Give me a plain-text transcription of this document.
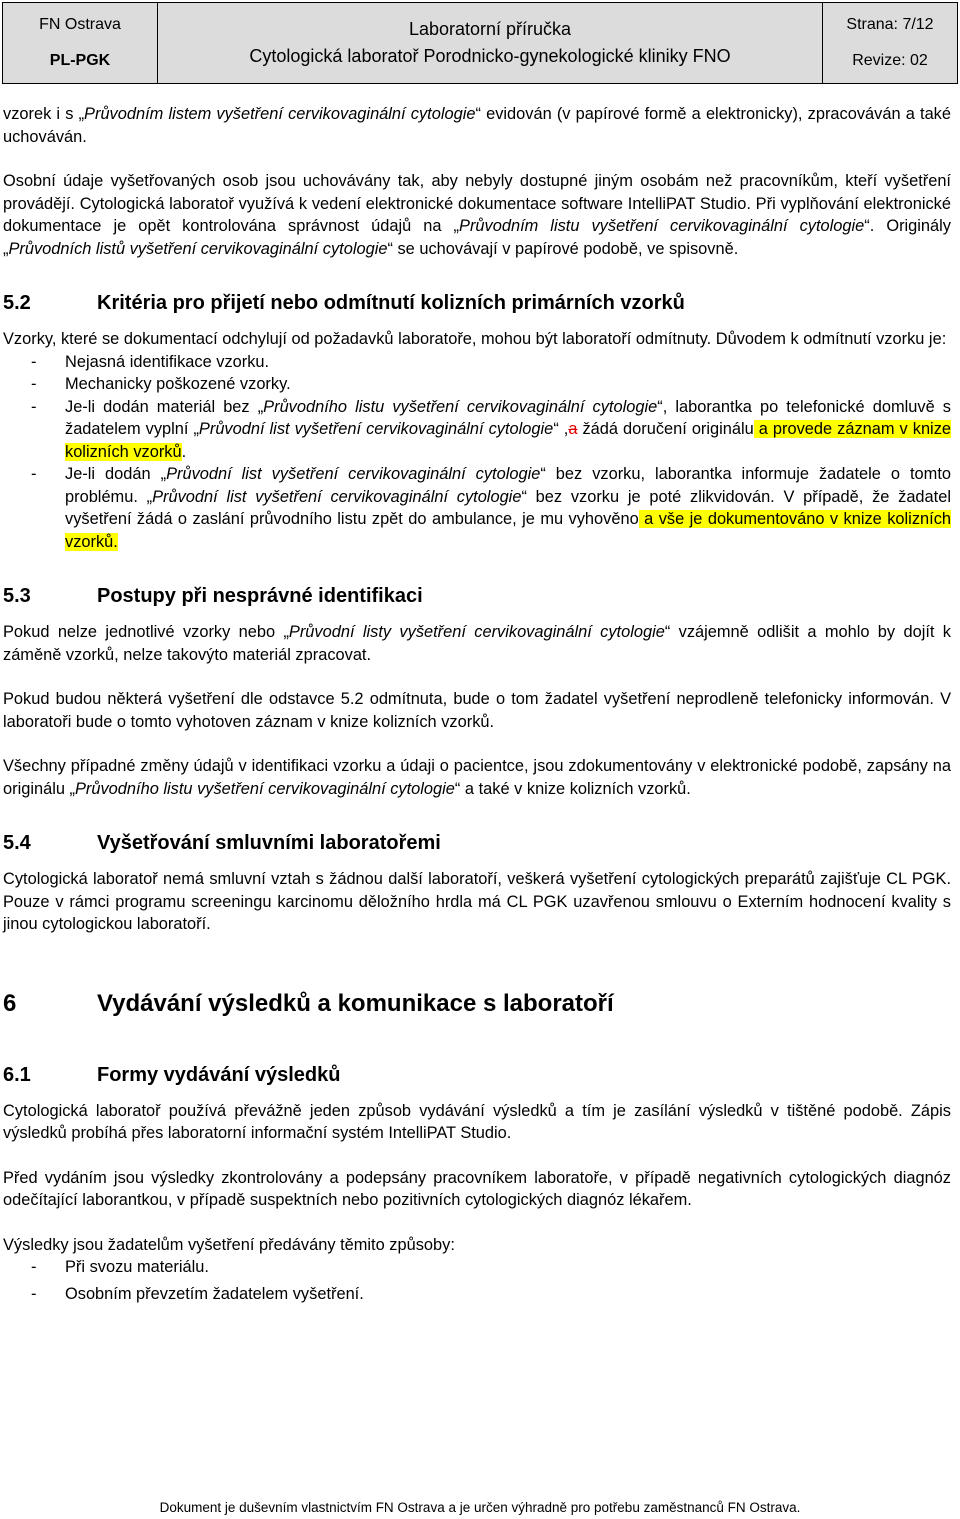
FN Ostrava
PL-PGK

Laboratorní příručka
Cytologická laboratoř Porodnicko-gynekologické kliniky FNO

Strana: 7/12
Revize: 02

vzorek i s „Průvodním listem vyšetření cervikovaginální cytologie“ evidován (v papírové formě a elektronicky), zpracováván a také uchováván.

Osobní údaje vyšetřovaných osob jsou uchovávány tak, aby nebyly dostupné jiným osobám než pracovníkům, kteří vyšetření provádějí. Cytologická laboratoř využívá k vedení elektronické dokumentace software IntelliPAT Studio. Při vyplňování elektronické dokumentace je opět kontrolována správnost údajů na „Průvodním listu vyšetření cervikovaginální cytologie“. Originály „Průvodních listů vyšetření cervikovaginální cytologie“ se uchovávají v papírové podobě, ve spisovně.

5.2	Kritéria pro přijetí nebo odmítnutí kolizních primárních vzorků

Vzorky, které se dokumentací odchylují od požadavků laboratoře, mohou být laboratoří odmítnuty. Důvodem k odmítnutí vzorku je:

- Nejasná identifikace vzorku.
- Mechanicky poškozené vzorky.
- Je-li dodán materiál bez „Průvodního listu vyšetření cervikovaginální cytologie“, laborantka po telefonické domluvě s žadatelem vyplní „Průvodní list vyšetření cervikovaginální cytologie“ ,a žádá doručení originálu a provede záznam v knize kolizních vzorků.
- Je-li dodán „Průvodní list vyšetření cervikovaginální cytologie“ bez vzorku, laborantka informuje žadatele o tomto problému. „Průvodní list vyšetření cervikovaginální cytologie“ bez vzorku je poté zlikvidován. V případě, že žadatel vyšetření žádá o zaslání průvodního listu zpět do ambulance, je mu vyhověno a vše je dokumentováno v knize kolizních vzorků.
5.3	Postupy při nesprávné identifikaci

Pokud nelze jednotlivé vzorky nebo „Průvodní listy vyšetření cervikovaginální cytologie“ vzájemně odlišit a mohlo by dojít k záměně vzorků, nelze takovýto materiál zpracovat.

Pokud budou některá vyšetření dle odstavce 5.2 odmítnuta, bude o tom žadatel vyšetření neprodleně telefonicky informován. V laboratoři bude o tomto vyhotoven záznam v knize kolizních vzorků.

Všechny případné změny údajů v identifikaci vzorku a údaji o pacientce, jsou zdokumentovány v elektronické podobě, zapsány na originálu „Průvodního listu vyšetření cervikovaginální cytologie“ a také v knize kolizních vzorků.

5.4	Vyšetřování smluvními laboratořemi

Cytologická laboratoř nemá smluvní vztah s žádnou další laboratoří, veškerá vyšetření cytologických preparátů zajišťuje CL PGK. Pouze v rámci programu screeningu karcinomu děložního hrdla má CL PGK uzavřenou smlouvu o Externím hodnocení kvality s jinou cytologickou laboratoří.

6	Vydávání výsledků a komunikace s laboratoří
6.1	Formy vydávání výsledků

Cytologická laboratoř používá převážně jeden způsob vydávání výsledků a tím je zasílání výsledků v tištěné podobě. Zápis výsledků probíhá přes laboratorní informační systém IntelliPAT Studio.

Před vydáním jsou výsledky zkontrolovány a podepsány pracovníkem laboratoře, v případě negativních cytologických diagnóz odečítající laborantkou, v případě suspektních nebo pozitivních cytologických diagnóz lékařem.

Výsledky jsou žadatelům vyšetření předávány těmito způsoby:

- Při svozu materiálu.
- Osobním převzetím žadatelem vyšetření.
Dokument je duševním vlastnictvím FN Ostrava a je určen výhradně pro potřebu zaměstnanců FN Ostrava.
